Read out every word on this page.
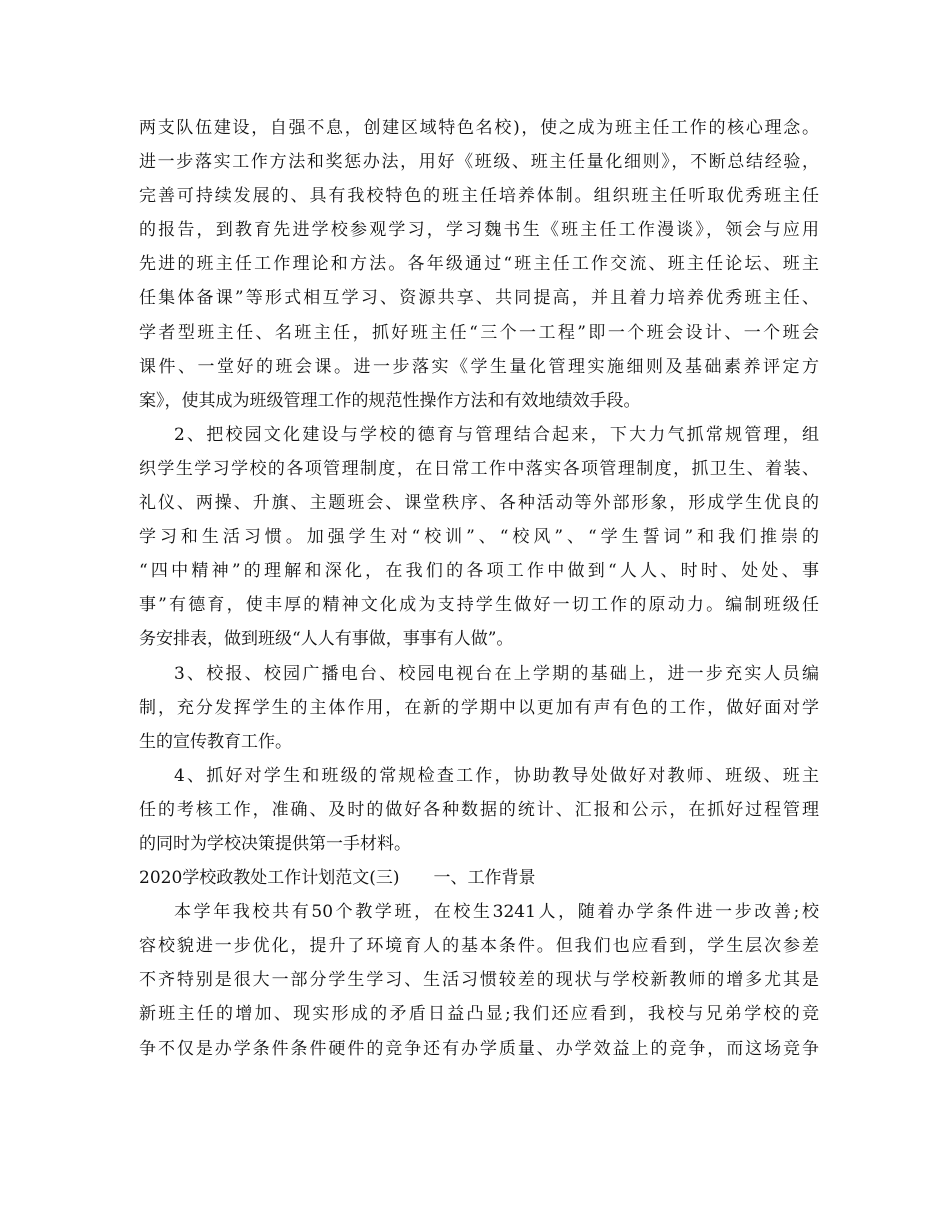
两支队伍建设，自强不息，创建区域特色名校)，使之成为班主任工作的核心理念。
进一步落实工作方法和奖惩办法，用好《班级、班主任量化细则》，不断总结经验，
完善可持续发展的、具有我校特色的班主任培养体制。组织班主任听取优秀班主任
的报告，到教育先进学校参观学习，学习魏书生《班主任工作漫谈》，领会与应用
先进的班主任工作理论和方法。各年级通过“班主任工作交流、班主任论坛、班主
任集体备课”等形式相互学习、资源共享、共同提高，并且着力培养优秀班主任、
学者型班主任、名班主任，抓好班主任“三个一工程”即一个班会设计、一个班会
课件、一堂好的班会课。进一步落实《学生量化管理实施细则及基础素养评定方
案》，使其成为班级管理工作的规范性操作方法和有效地绩效手段。
2、把校园文化建设与学校的德育与管理结合起来，下大力气抓常规管理，组
织学生学习学校的各项管理制度，在日常工作中落实各项管理制度，抓卫生、着装、
礼仪、两操、升旗、主题班会、课堂秩序、各种活动等外部形象，形成学生优良的
学习和生活习惯。加强学生对“校训”、“校风”、“学生誓词”和我们推崇的
“四中精神”的理解和深化，在我们的各项工作中做到“人人、时时、处处、事
事”有德育，使丰厚的精神文化成为支持学生做好一切工作的原动力。编制班级任
务安排表，做到班级“人人有事做，事事有人做”。
3、校报、校园广播电台、校园电视台在上学期的基础上，进一步充实人员编
制，充分发挥学生的主体作用，在新的学期中以更加有声有色的工作，做好面对学
生的宣传教育工作。
4、抓好对学生和班级的常规检查工作，协助教导处做好对教师、班级、班主
任的考核工作，准确、及时的做好各种数据的统计、汇报和公示，在抓好过程管理
的同时为学校决策提供第一手材料。
2020学校政教处工作计划范文(三)　　一、工作背景
本学年我校共有50个教学班，在校生3241人，随着办学条件进一步改善;校
容校貌进一步优化，提升了环境育人的基本条件。但我们也应看到，学生层次参差
不齐特别是很大一部分学生学习、生活习惯较差的现状与学校新教师的增多尤其是
新班主任的增加、现实形成的矛盾日益凸显;我们还应看到，我校与兄弟学校的竞
争不仅是办学条件条件硬件的竞争还有办学质量、办学效益上的竞争，而这场竞争
